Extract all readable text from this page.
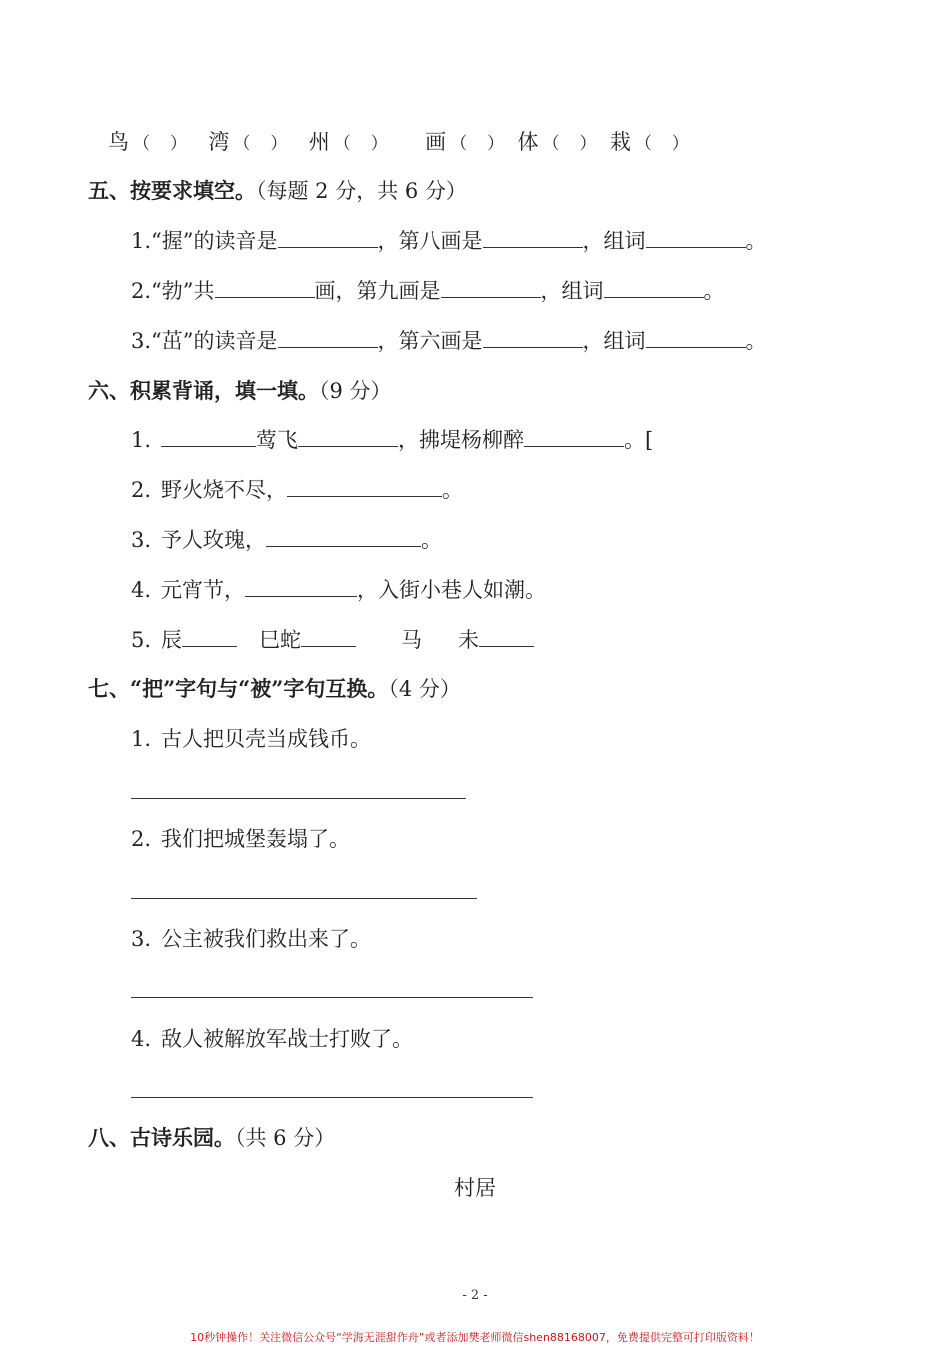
鸟 （ ） 湾 （ ） 州 （ ） 画 （ ） 体 （ ） 栽 （ ）
五、按要求填空。（每题 2 分，共 6 分）
1.“握”的读音是	，第八画是	，组词	。
2.“勃”共	画，第九画是	，组词	。
3.“茁”的读音是	，第六画是	，组词	。
六、积累背诵，填一填。（9 分）
1.	莺飞	，拂堤杨柳醉	。[
2. 野火烧不尽，	。
3. 予人玫瑰，	。
4. 元宵节，	，入街小巷人如潮。
5. 辰	巳蛇	马 未
七、“把”字句与“被”字句互换。（4 分）
1. 古人把贝壳当成钱币。
2. 我们把城堡轰塌了。
3. 公主被我们救出来了。
4. 敌人被解放军战士打败了。
八、古诗乐园。（共 6 分）
村居
- 2 -
10秒钟操作！关注微信公众号“学海无涯甜作舟”或者添加樊老师微信shen88168007，免费提供完整可打印版资料！
